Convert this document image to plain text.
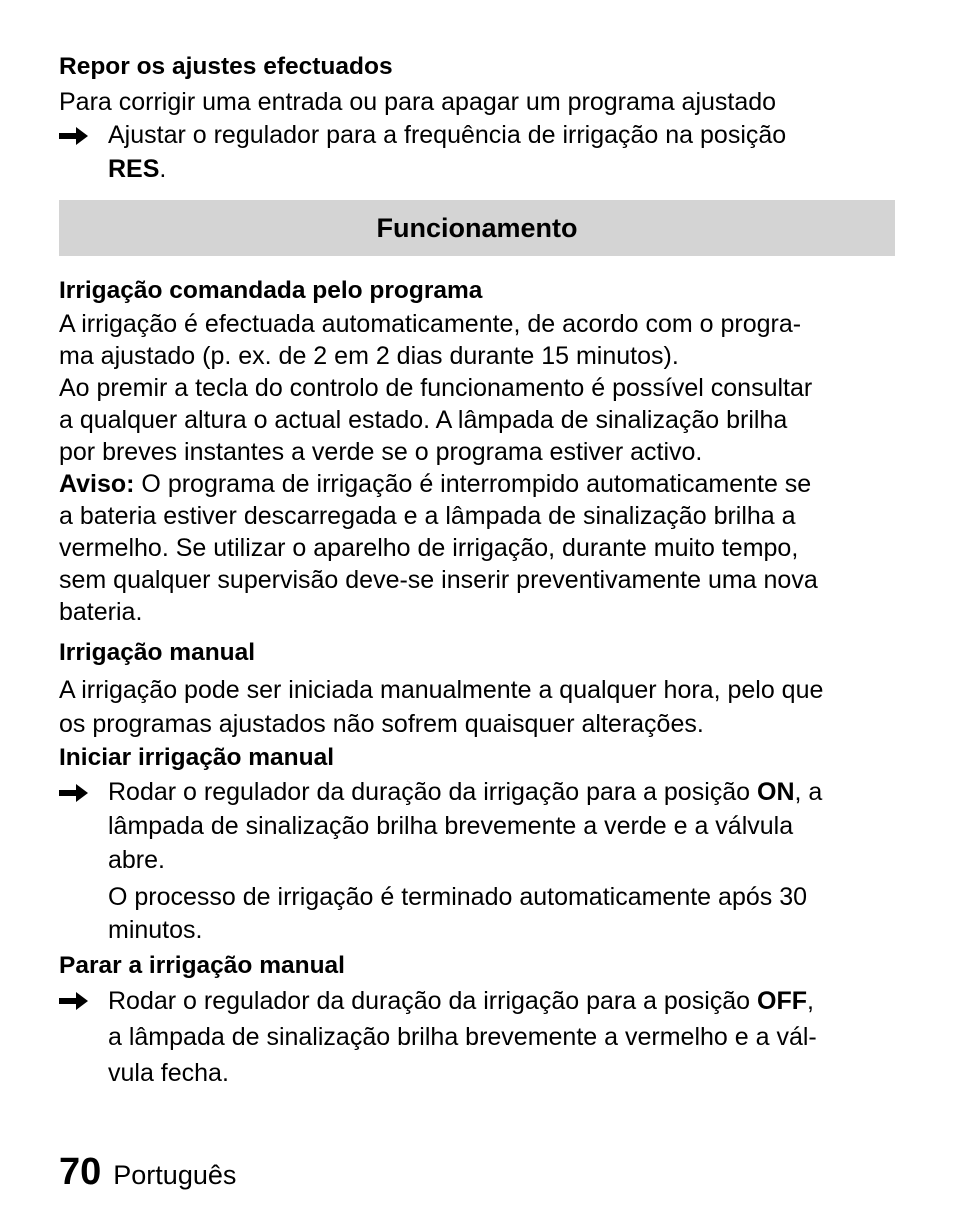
Repor os ajustes efectuados

Para corrigir uma entrada ou para apagar um programa ajustado

Ajustar o regulador para a frequência de irrigação na posição
RES.
Funcionamento

Irrigação comandada pelo programa

A irrigação é efectuada automaticamente, de acordo com o progra-

ma ajustado (p. ex. de 2 em 2 dias durante 15 minutos).

Ao premir a tecla do controlo de funcionamento é possível consultar

a qualquer altura o actual estado. A lâmpada de sinalização brilha

por breves instantes a verde se o programa estiver activo.

Aviso: O programa de irrigação é interrompido automaticamente se

a bateria estiver descarregada e a lâmpada de sinalização brilha a

vermelho. Se utilizar o aparelho de irrigação, durante muito tempo,

sem qualquer supervisão deve-se inserir preventivamente uma nova

bateria.

Irrigação manual

A irrigação pode ser iniciada manualmente a qualquer hora, pelo que

os programas ajustados não sofrem quaisquer alterações.

Iniciar irrigação manual

Rodar o regulador da duração da irrigação para a posição ON, a
lâmpada de sinalização brilha brevemente a verde e a válvula
abre.
O processo de irrigação é terminado automaticamente após 30
minutos.

Parar a irrigação manual

Rodar o regulador da duração da irrigação para a posição OFF,
a lâmpada de sinalização brilha brevemente a vermelho e a vál-
vula fecha.
70 Português
